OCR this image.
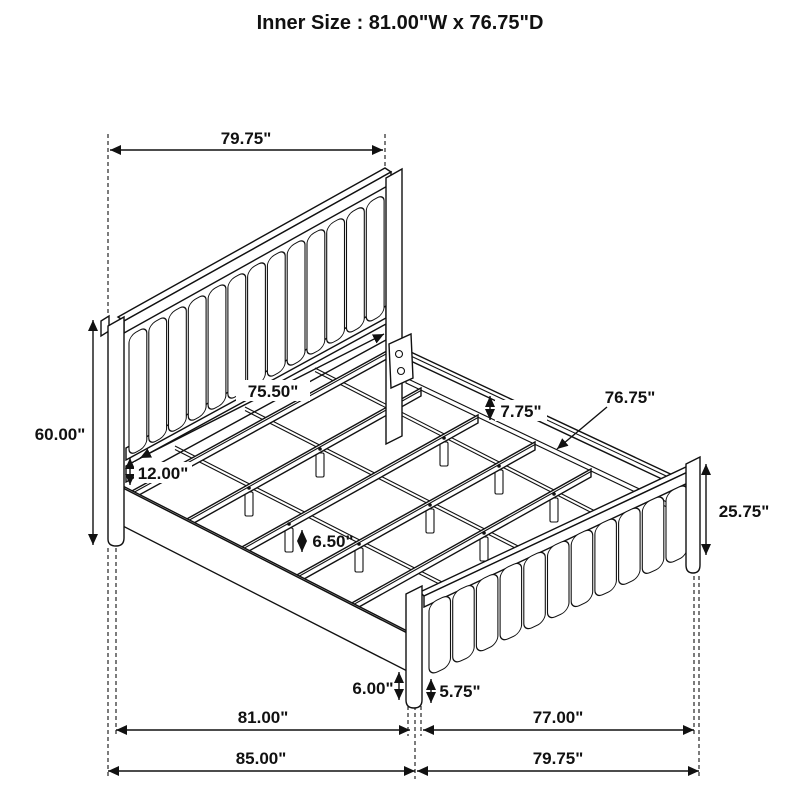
Inner Size : 81.00"W x 76.75"D
79.75"
60.00"
75.50"
12.00"
7.75"
76.75"
6.50"
25.75"
6.00"	5.75"
81.00"	77.00"
85.00"	79.75"
